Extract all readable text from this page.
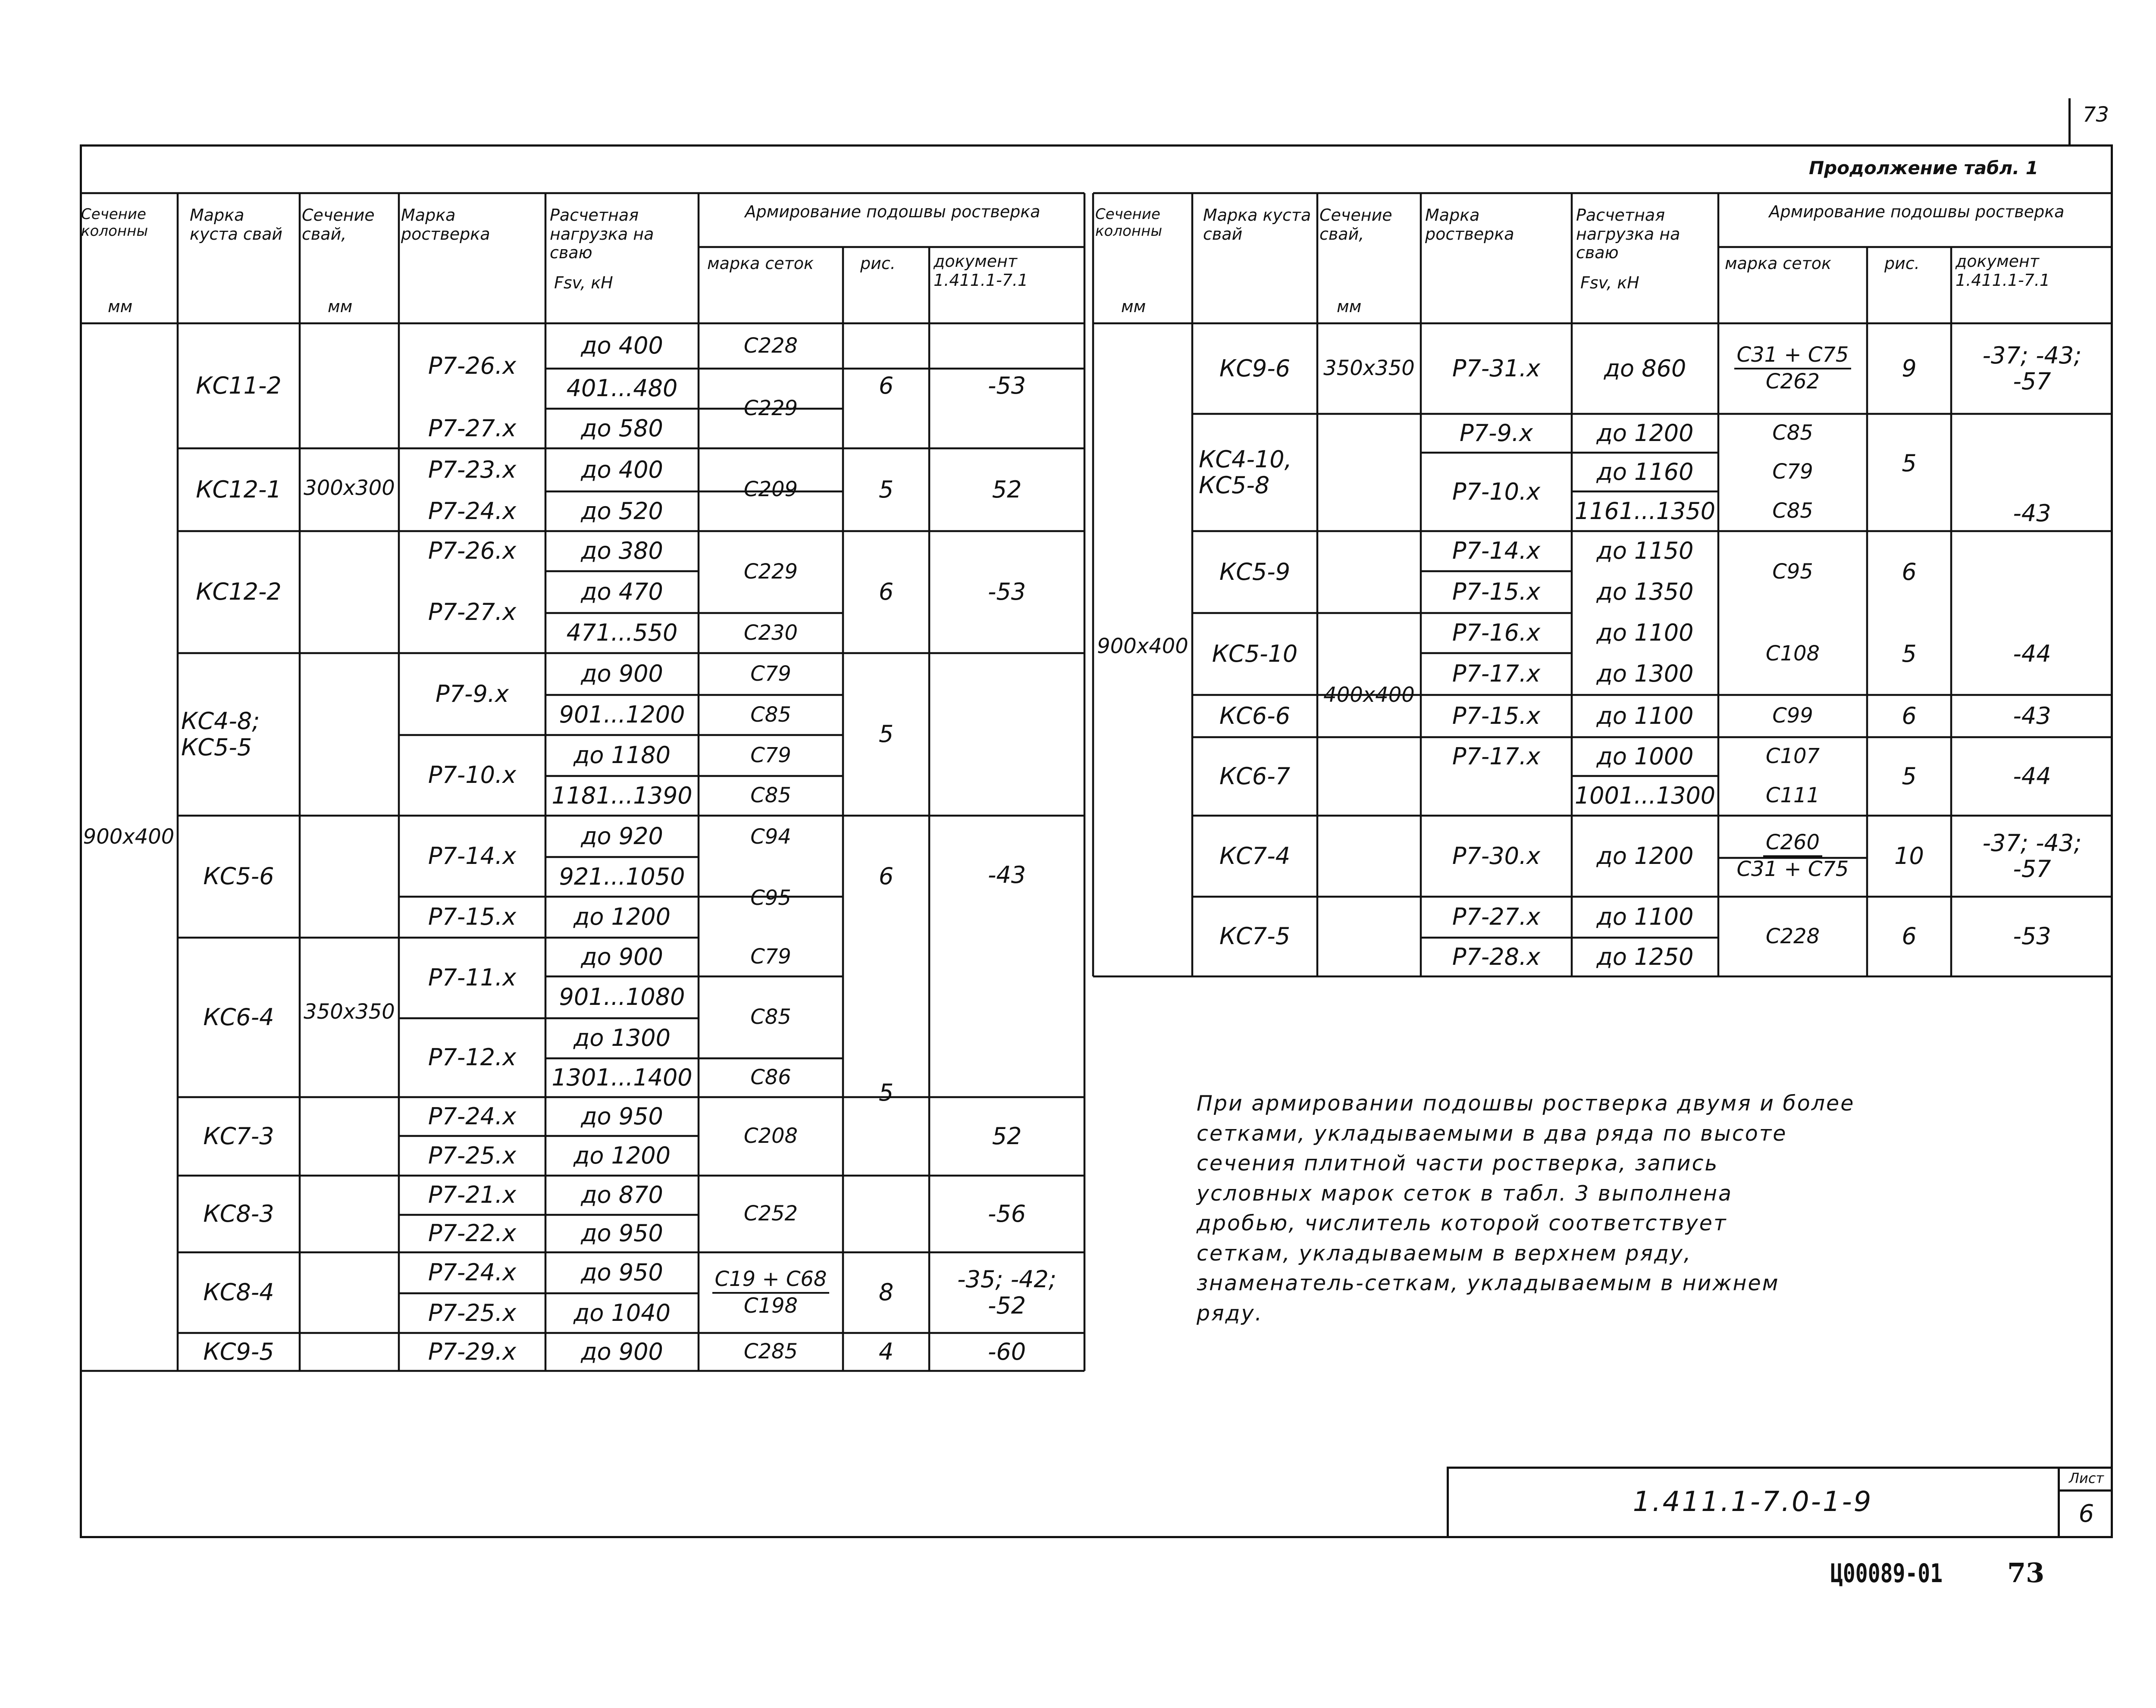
73
Продолжение табл. 1
Сечение колонны
мм
Марка куста свай
Сечение свай,
мм
Марка ростверка
Расчетная нагрузка на сваю
Fsv, кН
Армирование подошвы ростверка
марка сеток	рис. документ 1.411.1-7.1
900x400
КС11-2
КС12-1
КС12-2
КС4-8; КС5-5
КС5-6
КС6-4
КС7-3
КС8-3
КС8-4
КС9-5
300x300
350x350
Р7-26.х
Р7-27.х
Р7-23.х
Р7-24.х
Р7-26.х
Р7-27.х
Р7-9.х
Р7-10.х
Р7-14.х
Р7-15.х
Р7-11.х
Р7-12.х
Р7-24.х
Р7-25.х
Р7-21.х
Р7-22.х
Р7-24.х
Р7-25.х
Р7-29.х
до 400
401...480
до 580
до 400
до 520
до 380
до 470
471...550
до 900
901...1200
до 1180
1181...1390
до 920
921...1050
до 1200
до 900
901...1080
до 1300
1301...1400
до 950
до 1200
до 870
до 950
до 950
до 1040
до 900
С228
С229
С209
С229
С230
С79
С85
С79
С85
С94
С95
С79
С85
С86
С208
С252
$\frac{С19 + С68}{С198}$
С285
6
5
6
5
6
5
8
4
-53
52
-53
-43
52
-56
-35; -42;
-52
-60
Сечение колонны
мм
Марка куста свай
Сечение свай,
мм
Марка ростверка
Расчетная нагрузка на сваю
Fsv, кН
Армирование подошвы ростверка
марка сеток	рис. документ 1.411.1-7.1
900x400
КС9-6
КС4-10, КС5-8
КС5-9
КС5-10
КС6-6
КС6-7
КС7-4
КС7-5
350x350
400x400
Р7-31.х
Р7-9.х
Р7-10.х
Р7-14.х
Р7-15.х
Р7-16.х
Р7-17.х
Р7-15.х
Р7-17.х
Р7-30.х
Р7-27.х
Р7-28.х
до 860
до 1200
до 1160
1161...1350
до 1150
до 1350
до 1100
до 1300
до 1100
до 1000
1001...1300
до 1200
до 1100
до 1250
$\frac{С31 + С75}{С262}$
С85
С79
С85
С95
С108
С99
С107
С111
$\frac{С260}{С31 + С75}$
С228
9
5
6
5
6
5
10
6
-37; -43;
-57
-43
-44
-43
-44
-37; -43;
-57
-53
При армировании подошвы ростверка двумя и более
сетками, укладываемыми в два ряда по высоте
сечения плитной части ростверка, запись
условных марок сеток в табл. 3 выполнена
дробью, числитель которой соответствует
сеткам, укладываемым в верхнем ряду,
знаменатель-сеткам, укладываемым в нижнем
ряду.
1.411.1-7.0-1-9
Лист
6
Ц00089-01 73
